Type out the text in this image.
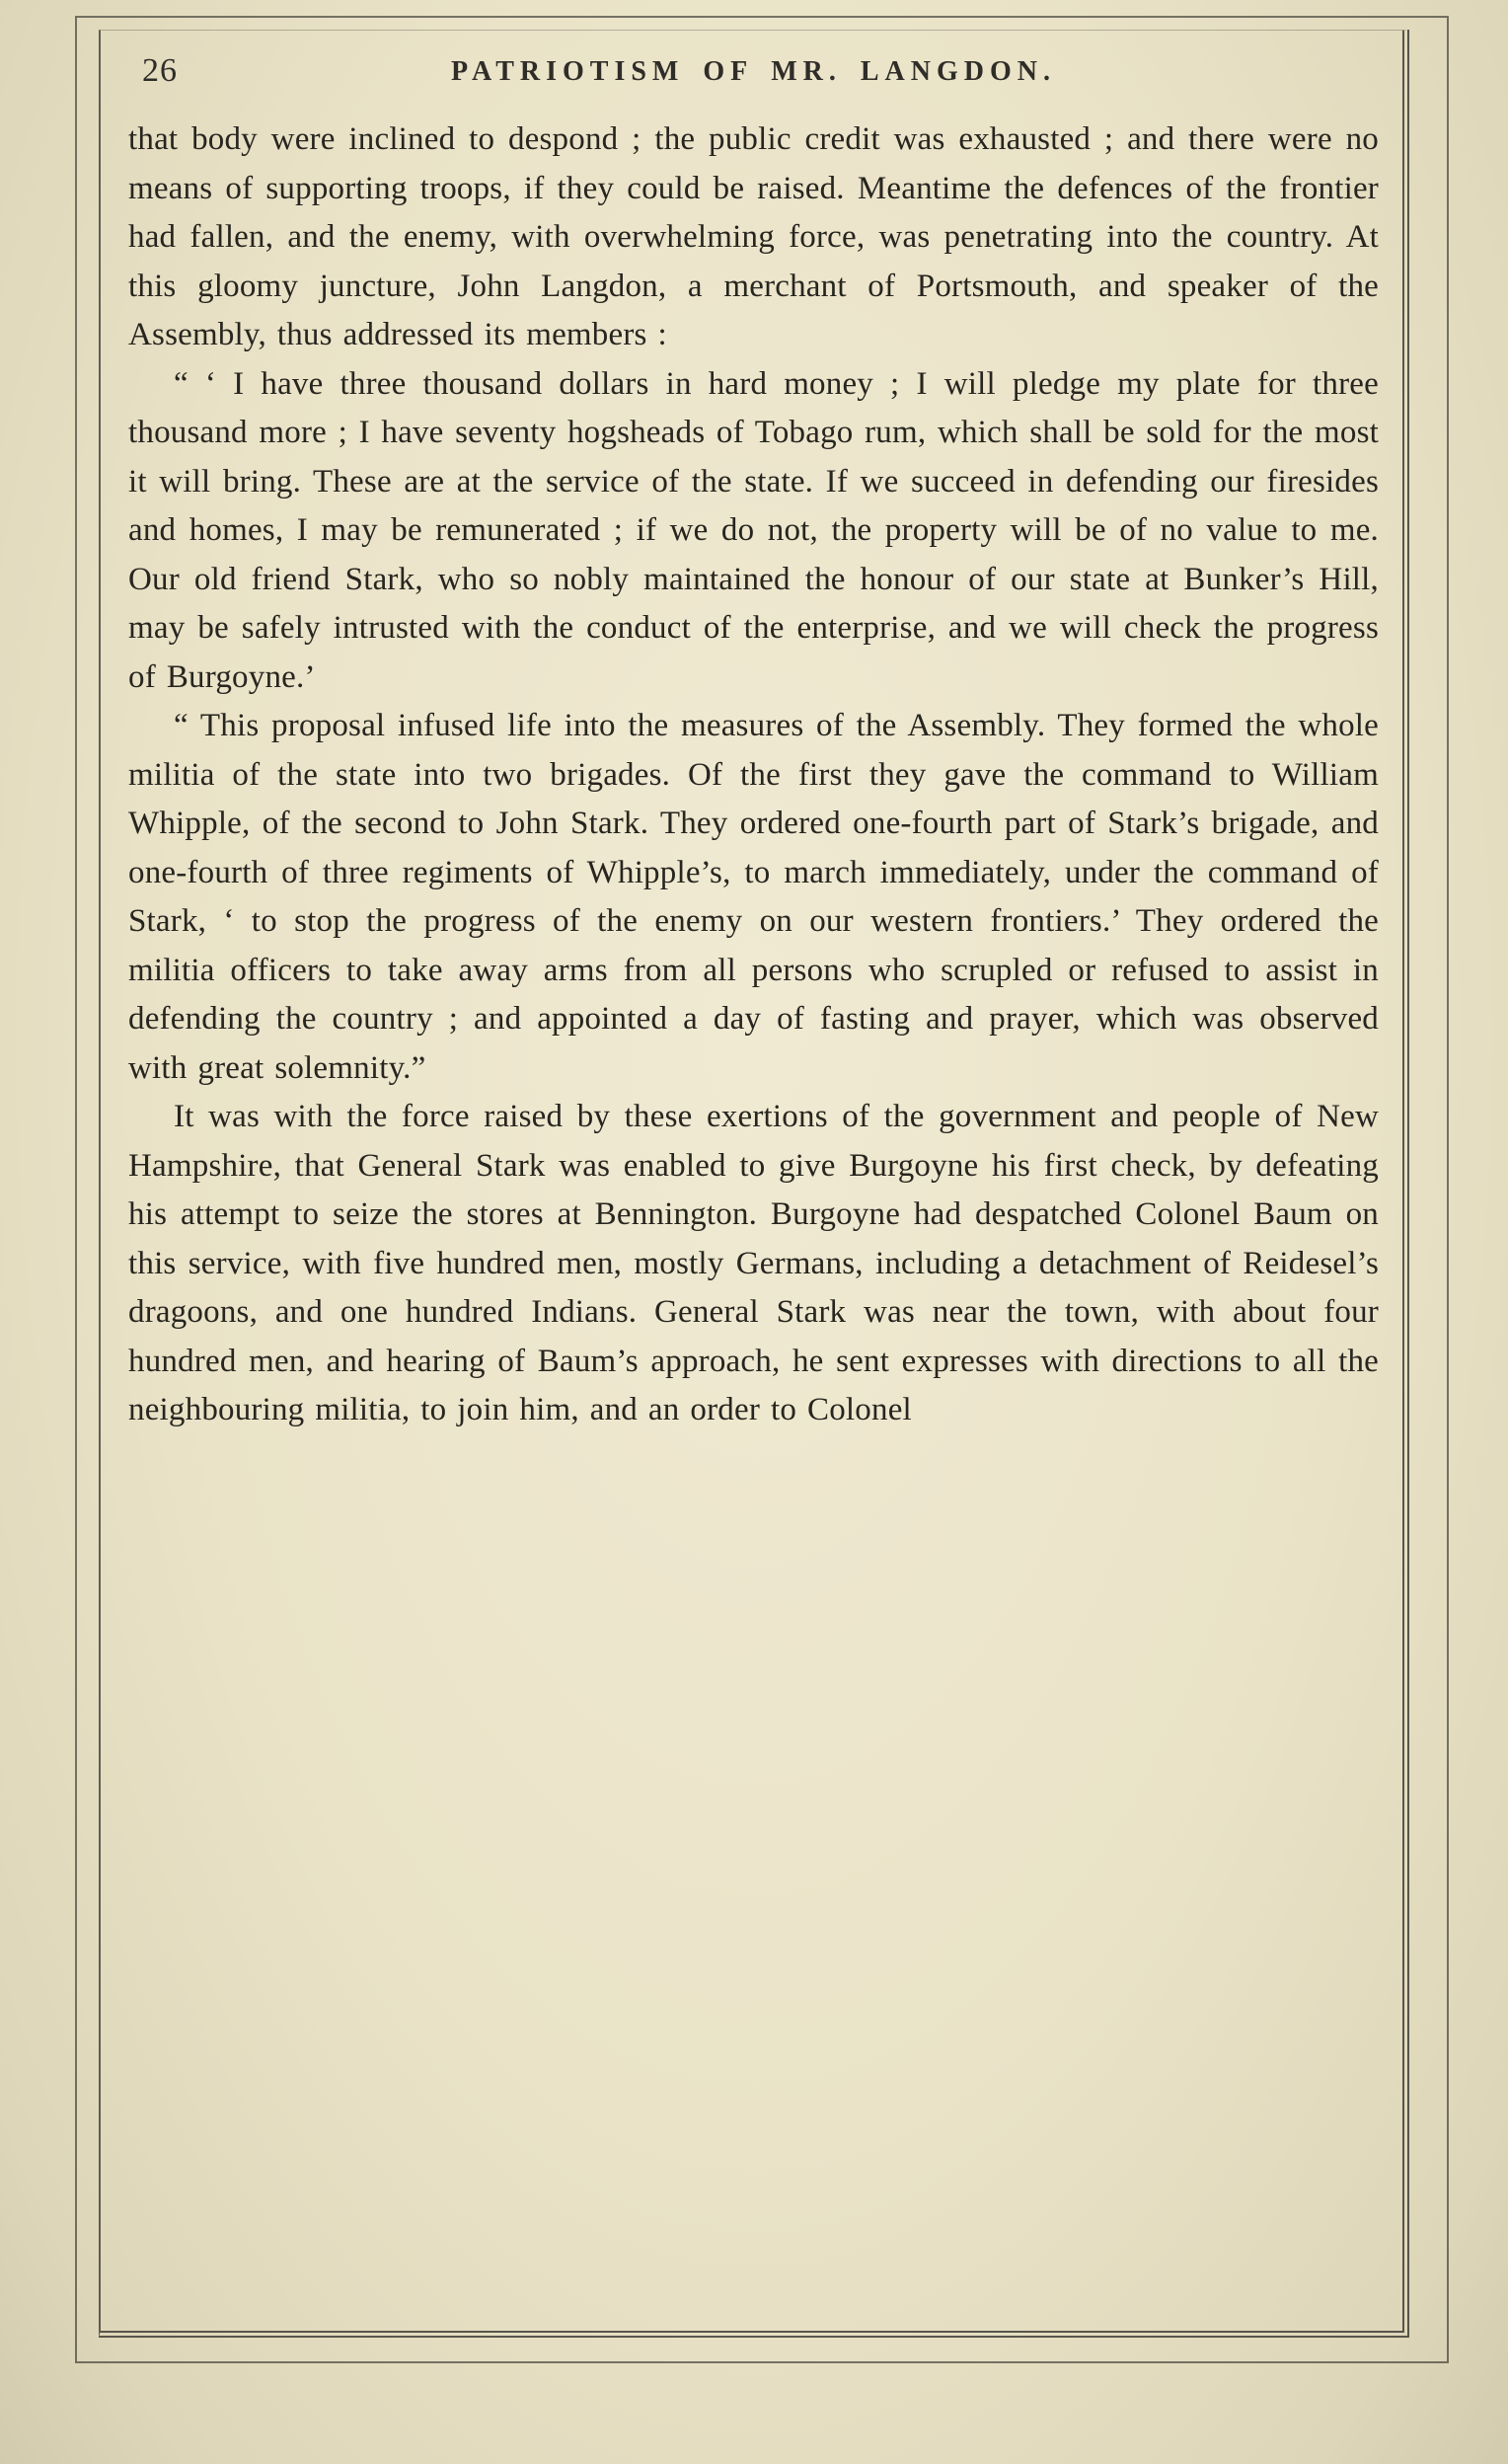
26	PATRIOTISM OF MR. LANGDON.

that body were inclined to despond ; the public credit was exhausted ; and there were no means of supporting troops, if they could be raised. Meantime the defences of the frontier had fallen, and the enemy, with overwhelming force, was penetrating into the country. At this gloomy juncture, John Langdon, a merchant of Portsmouth, and speaker of the Assembly, thus addressed its members :

“ ‘ I have three thousand dollars in hard money ; I will pledge my plate for three thousand more ; I have seventy hogsheads of Tobago rum, which shall be sold for the most it will bring. These are at the service of the state. If we succeed in defending our firesides and homes, I may be remunerated ; if we do not, the property will be of no value to me. Our old friend Stark, who so nobly maintained the honour of our state at Bunker’s Hill, may be safely intrusted with the conduct of the enterprise, and we will check the progress of Burgoyne.’

“ This proposal infused life into the measures of the Assembly. They formed the whole militia of the state into two brigades. Of the first they gave the command to William Whipple, of the second to John Stark. They ordered one-fourth part of Stark’s brigade, and one-fourth of three regiments of Whipple’s, to march immediately, under the command of Stark, ‘ to stop the progress of the enemy on our western frontiers.’ They ordered the militia officers to take away arms from all persons who scrupled or refused to assist in defending the country ; and appointed a day of fasting and prayer, which was observed with great solemnity.”

It was with the force raised by these exertions of the government and people of New Hampshire, that General Stark was enabled to give Burgoyne his first check, by defeating his attempt to seize the stores at Bennington. Burgoyne had despatched Colonel Baum on this service, with five hundred men, mostly Germans, including a detachment of Reidesel’s dragoons, and one hundred Indians. General Stark was near the town, with about four hundred men, and hearing of Baum’s approach, he sent expresses with directions to all the neighbouring militia, to join him, and an order to Colonel
